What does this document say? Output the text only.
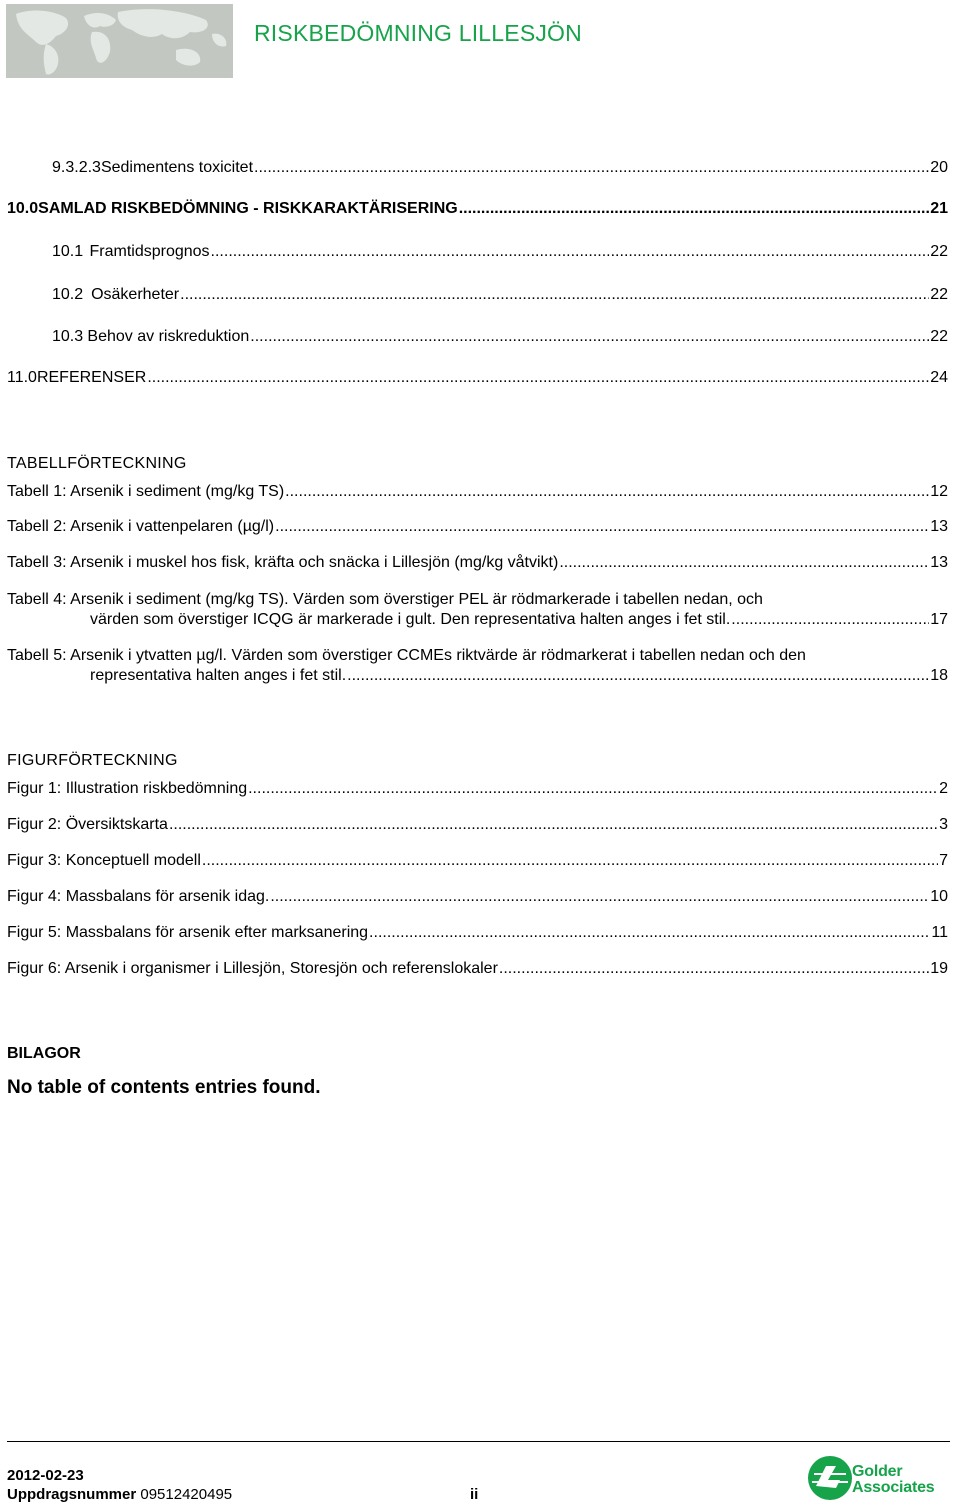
RISKBEDÖMNING LILLESJÖN
9.3.2.3 Sedimentens toxicitet .....	20
10.0 SAMLAD RISKBEDÖMNING - RISKKARAKTÄRISERING .....	21
10.1 Framtidsprognos .....	22
10.2 Osäkerheter .....	22
10.3 Behov av riskreduktion .....	22
11.0 REFERENSER .....	24
TABELLFÖRTECKNING
Tabell 1: Arsenik i sediment (mg/kg TS) .....	12
Tabell 2: Arsenik i vattenpelaren (µg/l) .....	13
Tabell 3: Arsenik i muskel hos fisk, kräfta och snäcka i Lillesjön (mg/kg våtvikt) .....	13
Tabell 4: Arsenik i sediment (mg/kg TS). Värden som överstiger PEL är rödmarkerade i tabellen nedan, och
värden som överstiger ICQG är markerade i gult. Den representativa halten anges i fet stil. .....	17
Tabell 5: Arsenik i ytvatten µg/l. Värden som överstiger CCMEs riktvärde är rödmarkerat i tabellen nedan och den
representativa halten anges i fet stil. .....	18
FIGURFÖRTECKNING
Figur 1: Illustration riskbedömning .....	2
Figur 2: Översiktskarta .....	3
Figur 3: Konceptuell modell .....	7
Figur 4: Massbalans för arsenik idag. .....	10
Figur 5: Massbalans för arsenik efter marksanering .....	11
Figur 6: Arsenik i organismer i Lillesjön, Storesjön och referenslokaler .....	19
BILAGOR
No table of contents entries found.
2012-02-23
Uppdragsnummer 09512420495	ii
Golder
Associates
